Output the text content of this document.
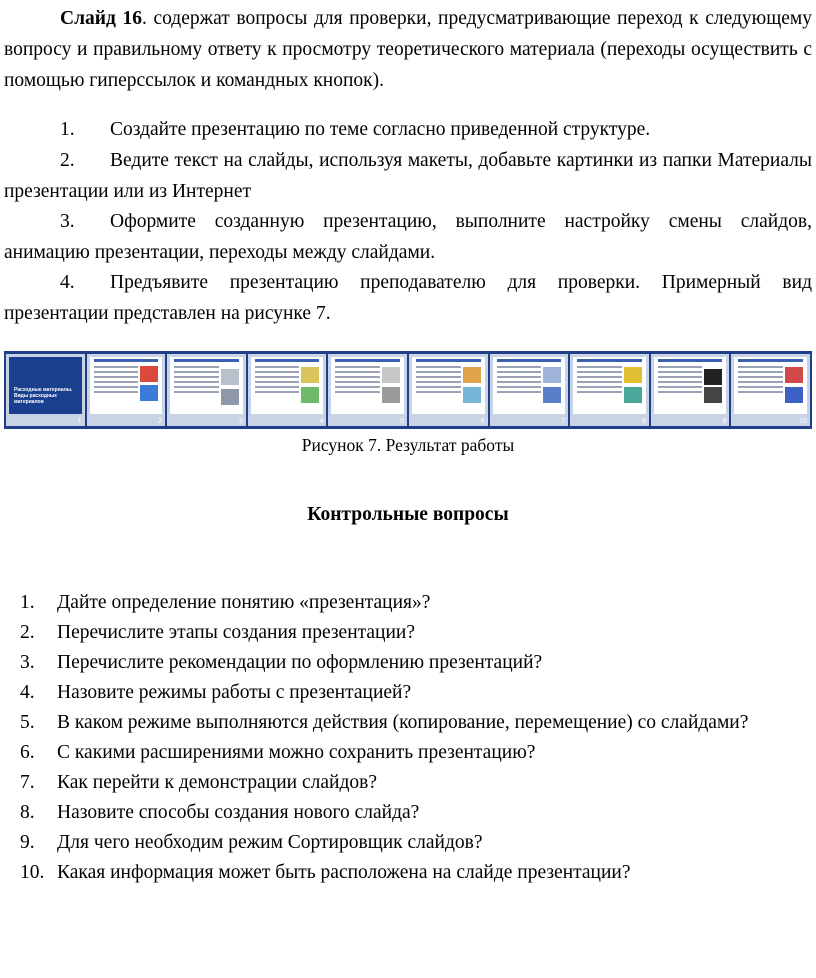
Слайд 16. содержат вопросы для проверки, предусматривающие переход к следующему вопросу и правильному ответу к просмотру теоретического материала (переходы осуществить с помощью гиперссылок и командных кнопок).
1. Создайте презентацию по теме согласно приведенной структуре.
2. Ведите текст на слайды, используя макеты, добавьте картинки из папки Материалы презентации или из Интернет
3. Оформите созданную презентацию, выполните настройку смены слайдов, анимацию презентации, переходы между слайдами.
4. Предъявите презентацию преподавателю для проверки. Примерный вид презентации представлен на рисунке 7.
Расходные материалы. Виды расходных материалов
1	2	3	4	5	6	7	8	9	10
Рисунок 7. Результат работы
Контрольные вопросы
1.	Дайте определение понятию «презентация»?
2.	Перечислите этапы создания презентации?
3.	Перечислите рекомендации по оформлению презентаций?
4.	Назовите режимы работы с презентацией?
5.	В каком режиме выполняются действия (копирование, перемещение) со слайдами?
6.	С какими расширениями можно сохранить презентацию?
7.	Как перейти к демонстрации слайдов?
8.	Назовите способы создания нового слайда?
9.	Для чего необходим режим Сортировщик слайдов?
10. Какая информация может быть расположена на слайде презентации?
